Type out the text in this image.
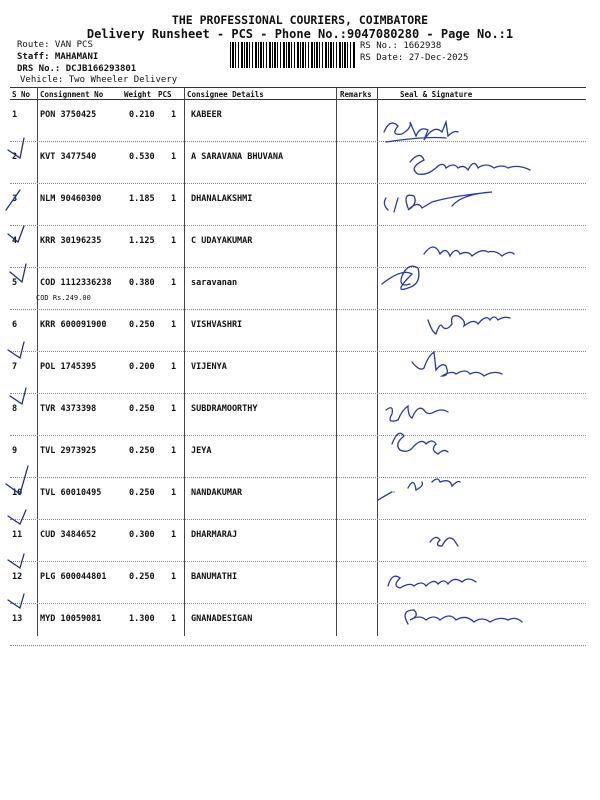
THE PROFESSIONAL COURIERS, COIMBATORE
Delivery Runsheet - PCS - Phone No.:9047080280 - Page No.:1
Route: VAN PCS
Staff: MAHAMANI
DRS No.: DCJB166293801
Vehicle: Two Wheeler Delivery
RS No.: 1662938
RS Date: 27-Dec-2025
S No Consignment No	Weight PCS Consignee Details	Remarks	Seal & Signature
1	PON 3750425	0.210 1 KABEER
2	KVT 3477540	0.530 1 A SARAVANA BHUVANA
3	NLM 90460300	1.185 1 DHANALAKSHMI
4	KRR 30196235	1.125 1 C UDAYAKUMAR
5	COD 1112336238 0.380 1 saravanan
COD Rs.249.00
6	KRR 600091900	0.250 1 VISHVASHRI
7	POL 1745395	0.200 1 VIJENYA
8	TVR 4373398	0.250 1 SUBDRAMOORTHY
9	TVL 2973925	0.250 1 JEYA
10 TVL 60010495	0.250 1 NANDAKUMAR
11 CUD 3484652	0.300 1 DHARMARAJ
12 PLG 600044801	0.250 1 BANUMATHI
13 MYD 10059081	1.300 1 GNANADESIGAN
